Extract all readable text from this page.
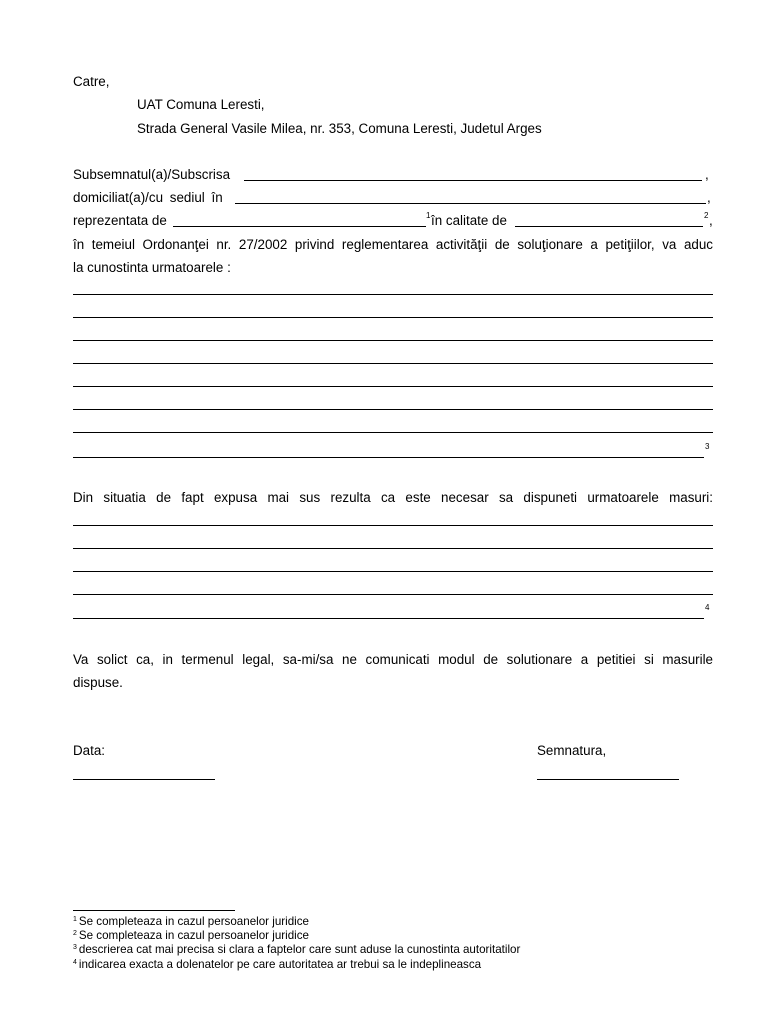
Catre,
UAT Comuna Leresti,
Strada General Vasile Milea, nr. 353, Comuna Leresti, Judetul Arges
Subsemnatul(a)/Subscrisa	,
domiciliat(a)/cu sediul în	,
reprezentata de	1 în calitate de	2 ,
în temeiul Ordonanţei nr. 27/2002 privind reglementarea activităţii de soluţionare a petiţiilor, va aduc
la cunostinta urmatoarele :
3
Din situatia de fapt expusa mai sus rezulta ca este necesar sa dispuneti urmatoarele masuri:
4
Va solict ca, in termenul legal, sa-mi/sa ne comunicati modul de solutionare a petitiei si masurile
dispuse.
Data:	Semnatura,
$^1$ Se completeaza in cazul persoanelor juridice
$^2$ Se completeaza in cazul persoanelor juridice
$^3$ descrierea cat mai precisa si clara a faptelor care sunt aduse la cunostinta autoritatilor
$^4$ indicarea exacta a dolenatelor pe care autoritatea ar trebui sa le indeplineasca
